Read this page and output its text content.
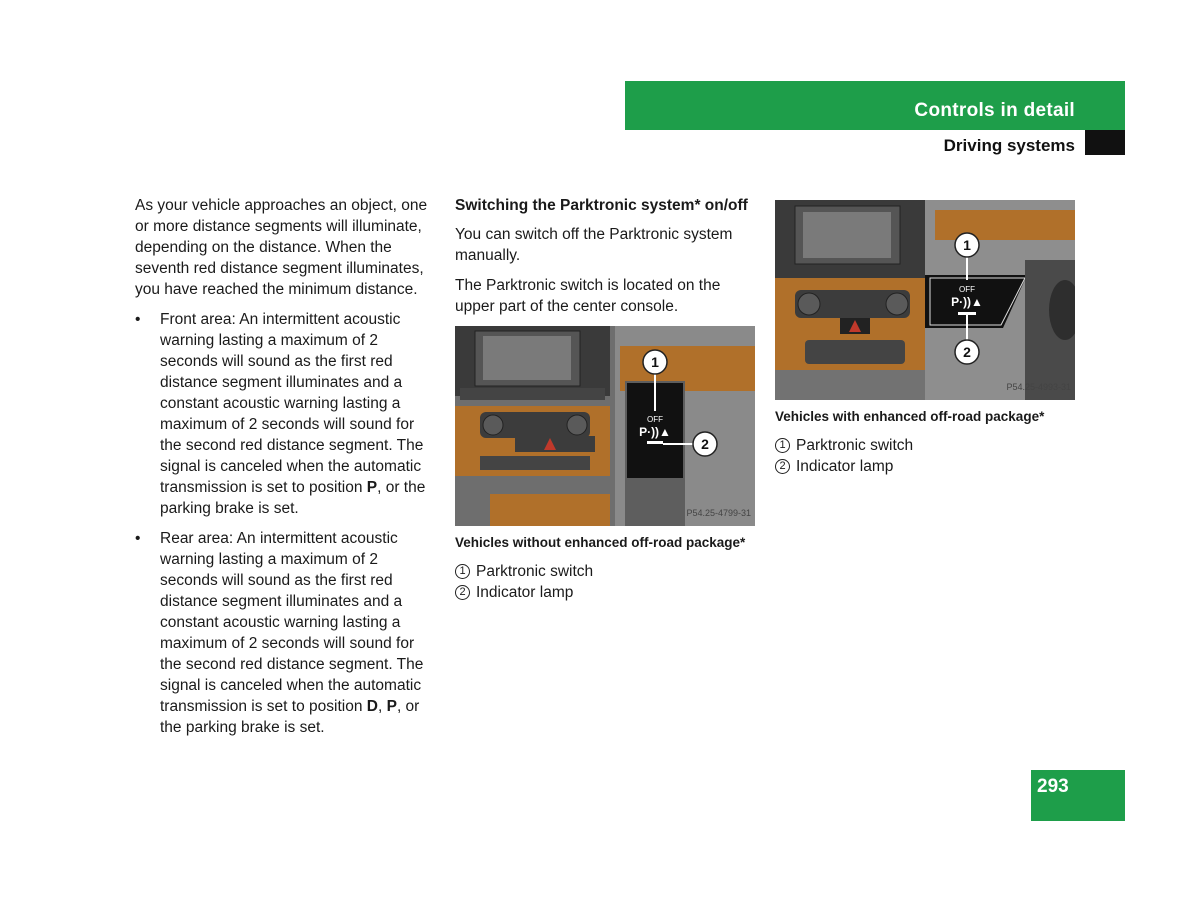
Controls in detail
Driving systems

As your vehicle approaches an object, one or more distance segments will illuminate, depending on the distance. When the seventh red distance segment illuminates, you have reached the minimum distance.

• Front area: An intermittent acoustic warning lasting a maximum of 2 seconds will sound as the first red distance segment illuminates and a constant acoustic warning lasting a maximum of 2 seconds will sound for the second red distance segment. The signal is canceled when the automatic transmission is set to position P, or the parking brake is set.
• Rear area: An intermittent acoustic warning lasting a maximum of 2 seconds will sound as the first red distance segment illuminates and a constant acoustic warning lasting a maximum of 2 seconds will sound for the second red distance segment. The signal is canceled when the automatic transmission is set to position D, P, or the parking brake is set.
Switching the Parktronic system* on/off

You can switch off the Parktronic system manually.

The Parktronic switch is located on the upper part of the center console.

OFF
P·))▲
1
2
P54.25-4799-31
Vehicles without enhanced off-road package*
1 Parktronic switch
2 Indicator lamp
OFF
P·))▲
1
2
P54.25-4993-31
Vehicles with enhanced off-road package*
1 Parktronic switch
2 Indicator lamp
293
